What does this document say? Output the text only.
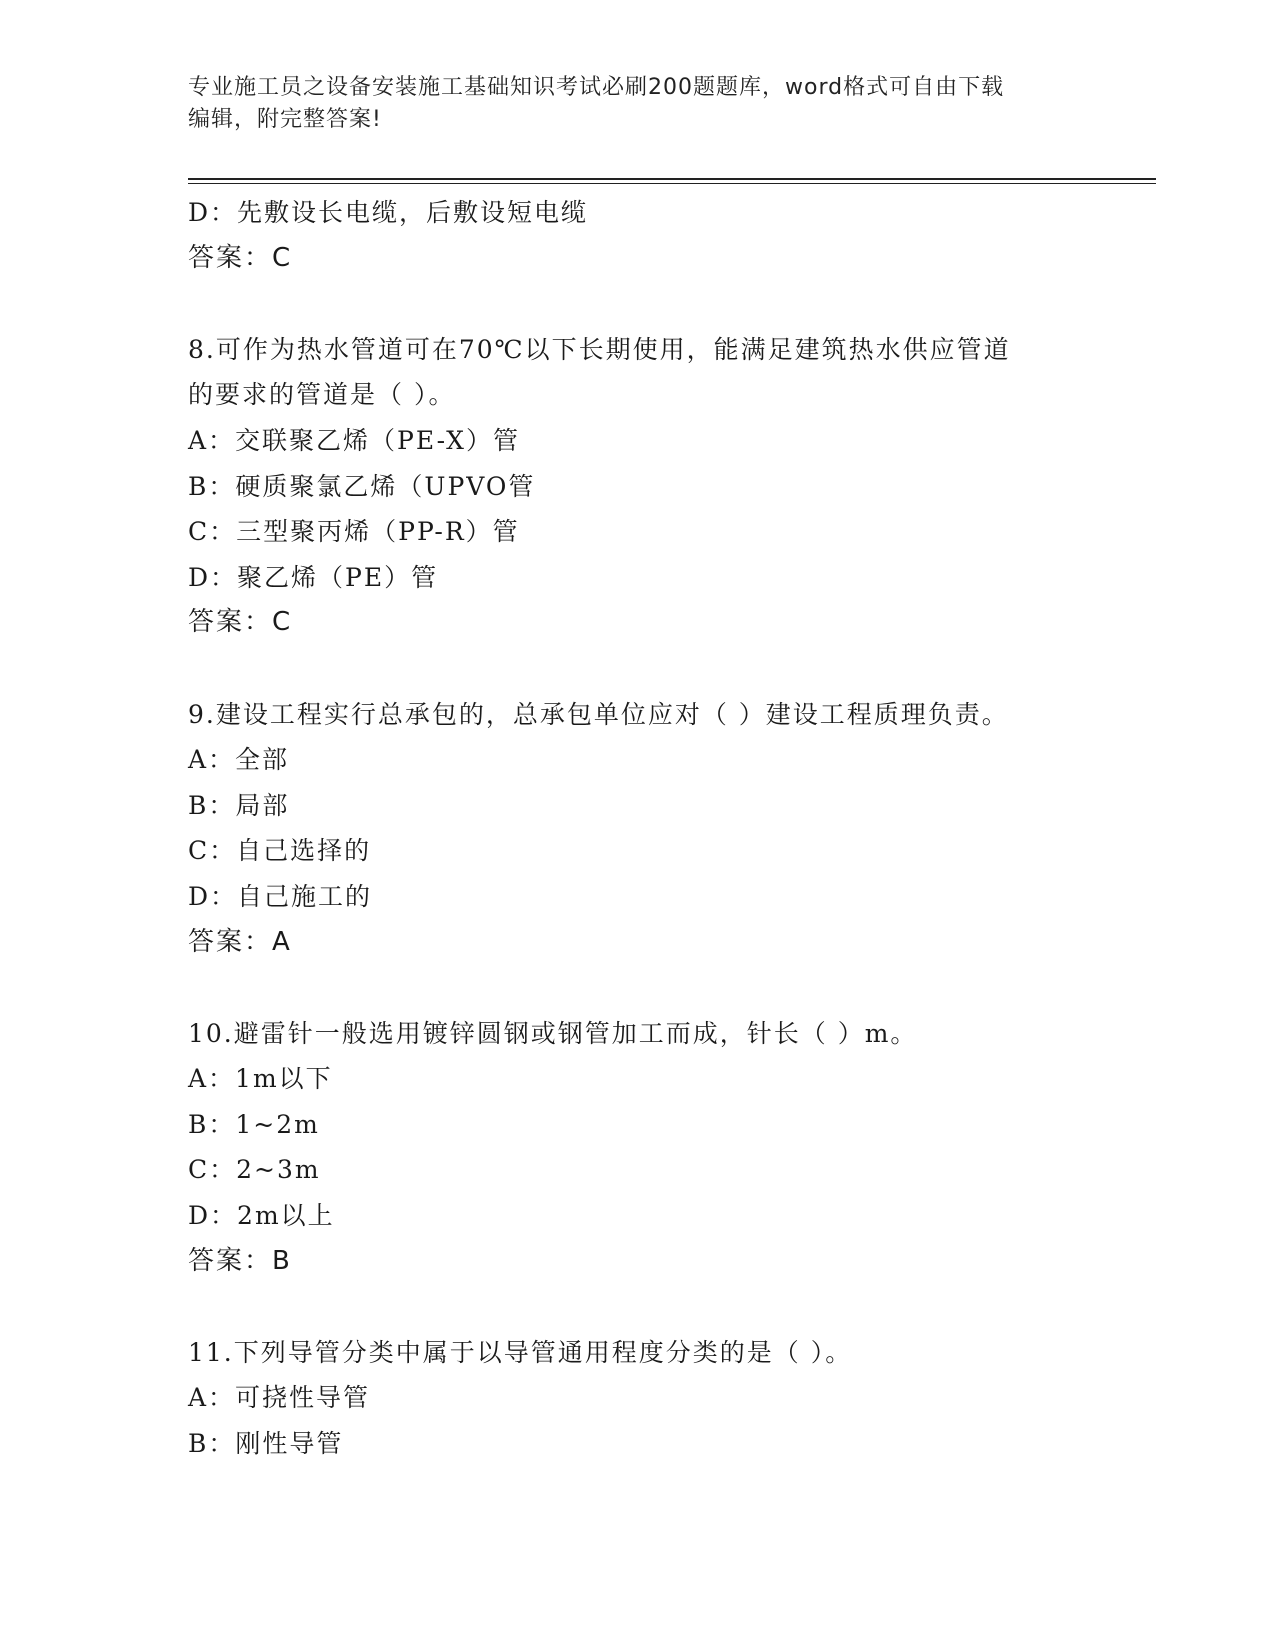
专业施工员之设备安装施工基础知识考试必刷200题题库，word格式可自由下载
编辑，附完整答案!
D：先敷设长电缆，后敷设短电缆
答案：C
8.可作为热水管道可在70℃以下长期使用，能满足建筑热水供应管道
的要求的管道是（ ）。
A：交联聚乙烯（PE-X）管
B：硬质聚氯乙烯（UPVO管
C：三型聚丙烯（PP-R）管
D：聚乙烯（PE）管
答案：C
9.建设工程实行总承包的，总承包单位应对（ ）建设工程质理负责。
A：全部
B：局部
C：自己选择的
D：自己施工的
答案：A
10.避雷针一般选用镀锌圆钢或钢管加工而成，针长（ ）m。
A：1m以下
B：1~2m
C：2~3m
D：2m以上
答案：B
11.下列导管分类中属于以导管通用程度分类的是（ ）。
A：可挠性导管
B：刚性导管
